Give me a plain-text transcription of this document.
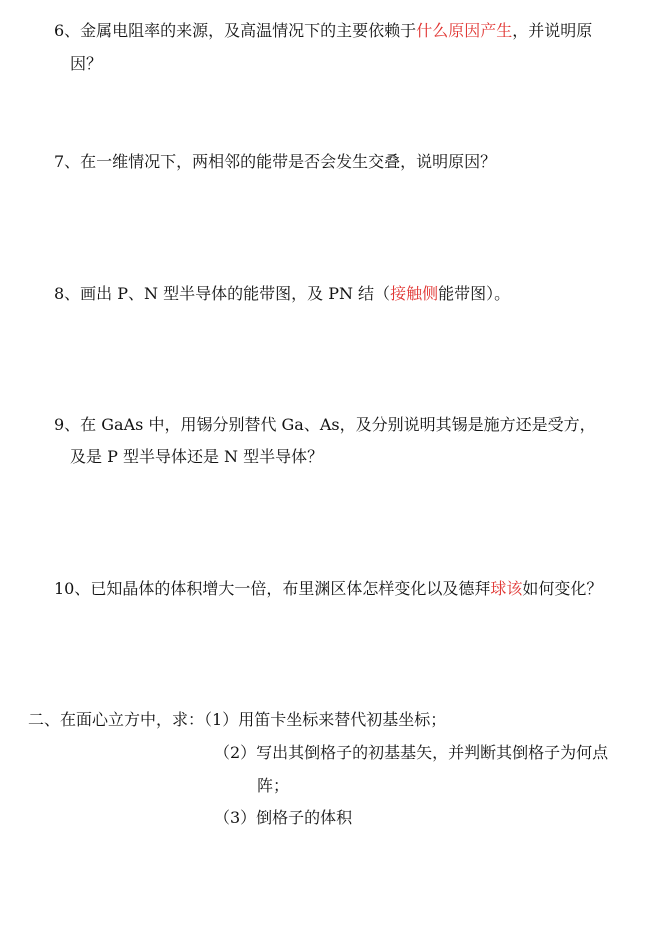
6、金属电阻率的来源，及高温情况下的主要依赖于什么原因产生，并说明原
因？
7、在一维情况下，两相邻的能带是否会发生交叠，说明原因？
8、画出 P、N 型半导体的能带图，及 PN 结（接触侧能带图）。
9、在 GaAs 中，用锡分别替代 Ga、As，及分别说明其锡是施方还是受方，
及是 P 型半导体还是 N 型半导体？
10、已知晶体的体积增大一倍，布里渊区体怎样变化以及德拜球该如何变化？
二、在面心立方中，求：（1）用笛卡坐标来替代初基坐标；
（2）写出其倒格子的初基基矢，并判断其倒格子为何点
阵；
（3）倒格子的体积
